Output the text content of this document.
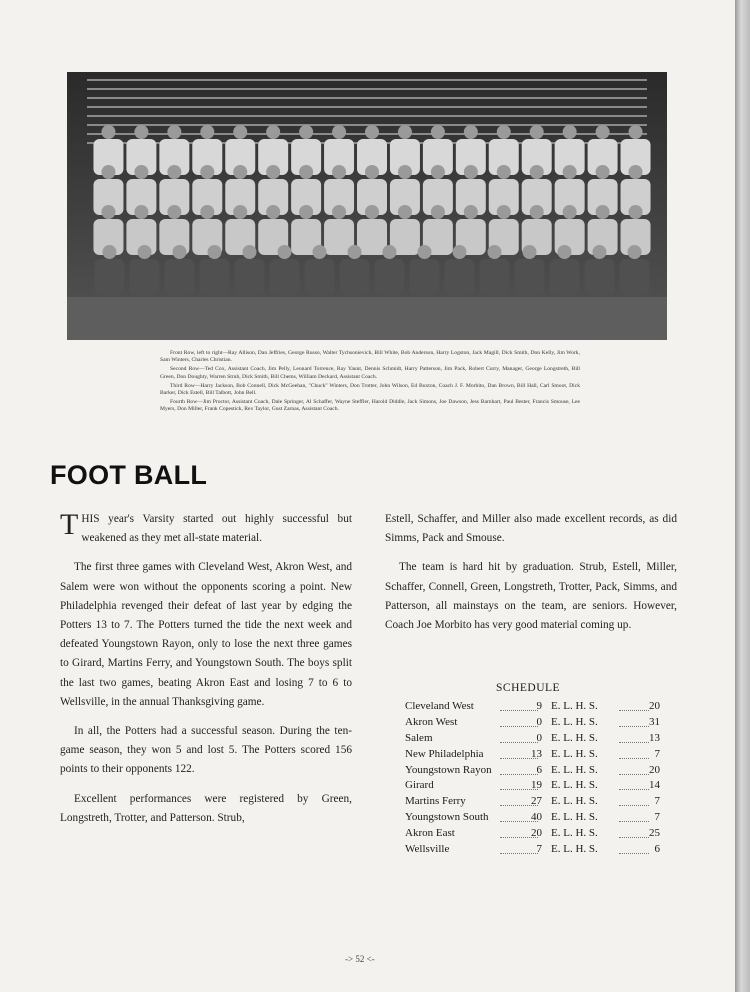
Front Row, left to right—Ray Allison, Dan Jeffries, George Russo, Walter Tychsonievich, Bill White, Bob Anderson, Harry Logston, Jack Magill, Dick Smith, Don Kelly, Jim Work, Sam Winters, Charles Christian.

Second Row—Ted Cox, Assistant Coach, Jim Pelly, Leonard Torrence, Ray Yaunt, Dennis Schmidt, Harry Patterson, Jim Pack, Robert Curry, Manager, George Longstreth, Bill Green, Don Doughty, Warren Strub, Dick Smith, Bill Chems, William Deckard, Assistant Coach.

Third Row—Harry Jackson, Bob Connell, Dick McGeehan, "Chuck" Winters, Don Trotter, John Wilson, Ed Buxton, Coach J. F. Morbito, Dan Brown, Bill Hall, Carl Smoot, Dick Barker, Dick Estell, Bill Talbott, John Bell.

Fourth Row—Jim Proctor, Assistant Coach, Dale Springer, Al Schaffer, Wayne Steffler, Harold Diddle, Jack Simons, Joe Dawson, Jess Barnhart, Paul Bester, Francis Smouse, Lee Myers, Don Miller, Frank Copestick, Rex Taylor, Gust Zarnas, Assistant Coach.

FOOT BALL

THIS year's Varsity started out highly successful but weakened as they met all-state material.

The first three games with Cleveland West, Akron West, and Salem were won without the opponents scoring a point. New Philadelphia revenged their defeat of last year by edging the Potters 13 to 7. The Potters turned the tide the next week and defeated Youngstown Rayon, only to lose the next three games to Girard, Martins Ferry, and Youngstown South. The boys split the last two games, beating Akron East and losing 7 to 6 to Wellsville, in the annual Thanksgiving game.

In all, the Potters had a successful season. During the ten-game season, they won 5 and lost 5. The Potters scored 156 points to their opponents 122.

Excellent performances were registered by Green, Longstreth, Trotter, and Patterson. Strub,

Estell, Schaffer, and Miller also made excellent records, as did Simms, Pack and Smouse.

The team is hard hit by graduation. Strub, Estell, Miller, Schaffer, Connell, Green, Longstreth, Trotter, Pack, Simms, and Patterson, all mainstays on the team, are seniors. However, Coach Joe Morbito has very good material coming up.

SCHEDULE
Cleveland West	9 E. L. H. S.	20
Akron West	0 E. L. H. S.	31
Salem	0 E. L. H. S.	13
New Philadelphia	13 E. L. H. S.	7
Youngstown Rayon	6 E. L. H. S.	20
Girard	19 E. L. H. S.	14
Martins Ferry	27 E. L. H. S.	7
Youngstown South	40 E. L. H. S.	7
Akron East	20 E. L. H. S.	25
Wellsville	7 E. L. H. S.	6
-> 52 <-
